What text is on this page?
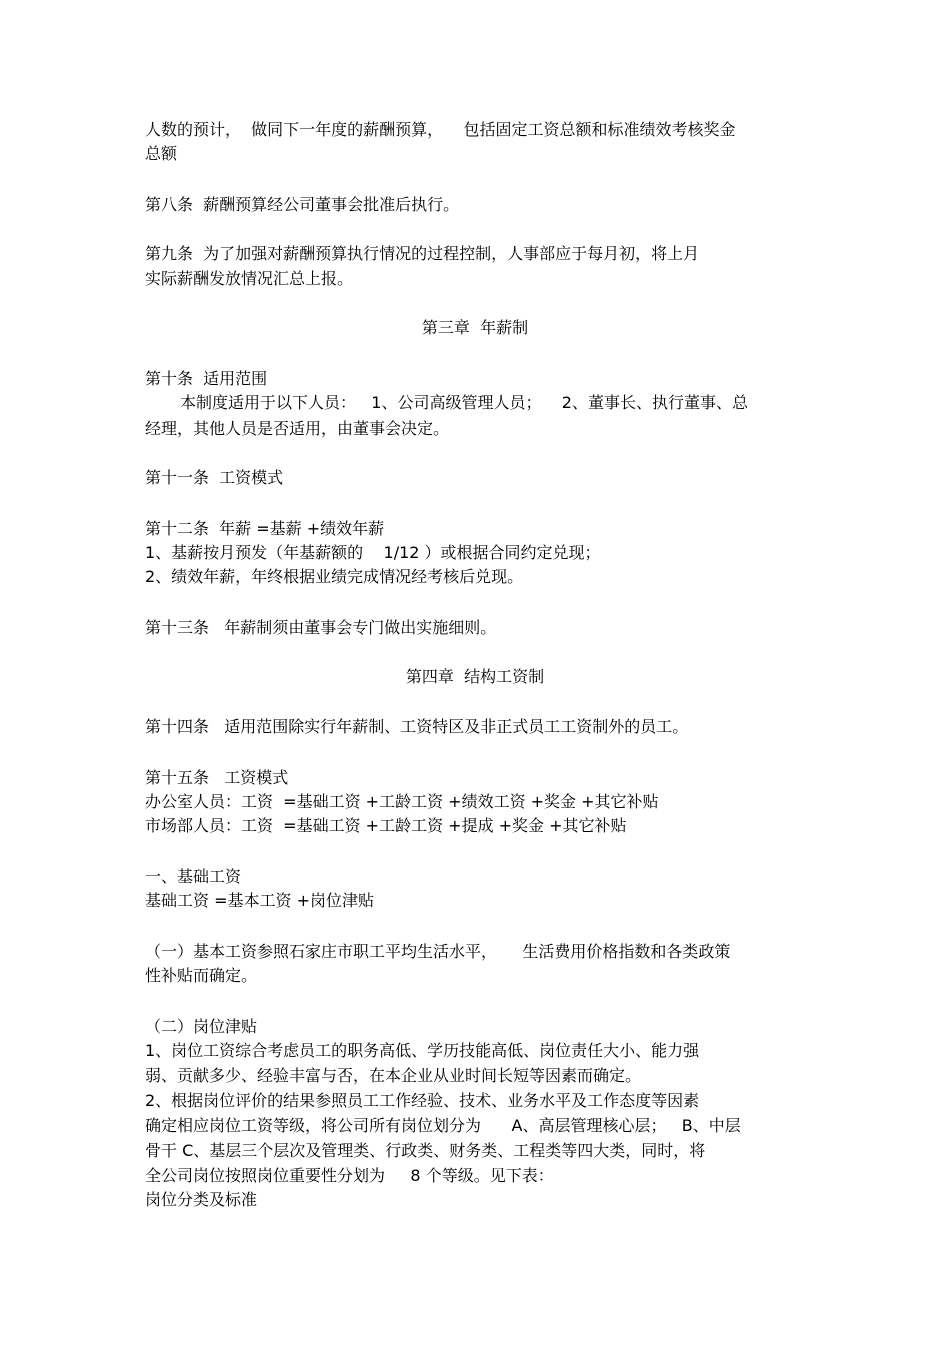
人数的预计，  做同下一年度的薪酬预算，    包括固定工资总额和标准绩效考核奖金

总额

第八条  薪酬预算经公司董事会批准后执行。

第九条  为了加强对薪酬预算执行情况的过程控制，人事部应于每月初，将上月

实际薪酬发放情况汇总上报。

第三章  年薪制

第十条  适用范围

本制度适用于以下人员：   1、公司高级管理人员；    2、董事长、执行董事、总

经理，其他人员是否适用，由董事会决定。

第十一条  工资模式

第十二条  年薪 =基薪 +绩效年薪

1、基薪按月预发（年基薪额的    1/12 ）或根据合同约定兑现；

2、绩效年薪，年终根据业绩完成情况经考核后兑现。

第十三条   年薪制须由董事会专门做出实施细则。

第四章  结构工资制

第十四条   适用范围除实行年薪制、工资特区及非正式员工工资制外的员工。

第十五条   工资模式

办公室人员：工资  =基础工资 +工龄工资 +绩效工资 +奖金 +其它补贴

市场部人员：工资  =基础工资 +工龄工资 +提成 +奖金 +其它补贴

一、基础工资

基础工资 =基本工资 +岗位津贴

（一）基本工资参照石家庄市职工平均生活水平，     生活费用价格指数和各类政策

性补贴而确定。

（二）岗位津贴

1、岗位工资综合考虑员工的职务高低、学历技能高低、岗位责任大小、能力强

弱、贡献多少、经验丰富与否，在本企业从业时间长短等因素而确定。

2、根据岗位评价的结果参照员工工作经验、技术、业务水平及工作态度等因素

确定相应岗位工资等级，将公司所有岗位划分为      A、高层管理核心层；   B、中层

骨干 C、基层三个层次及管理类、行政类、财务类、工程类等四大类，同时，将

全公司岗位按照岗位重要性分划为     8 个等级。见下表：

岗位分类及标准
